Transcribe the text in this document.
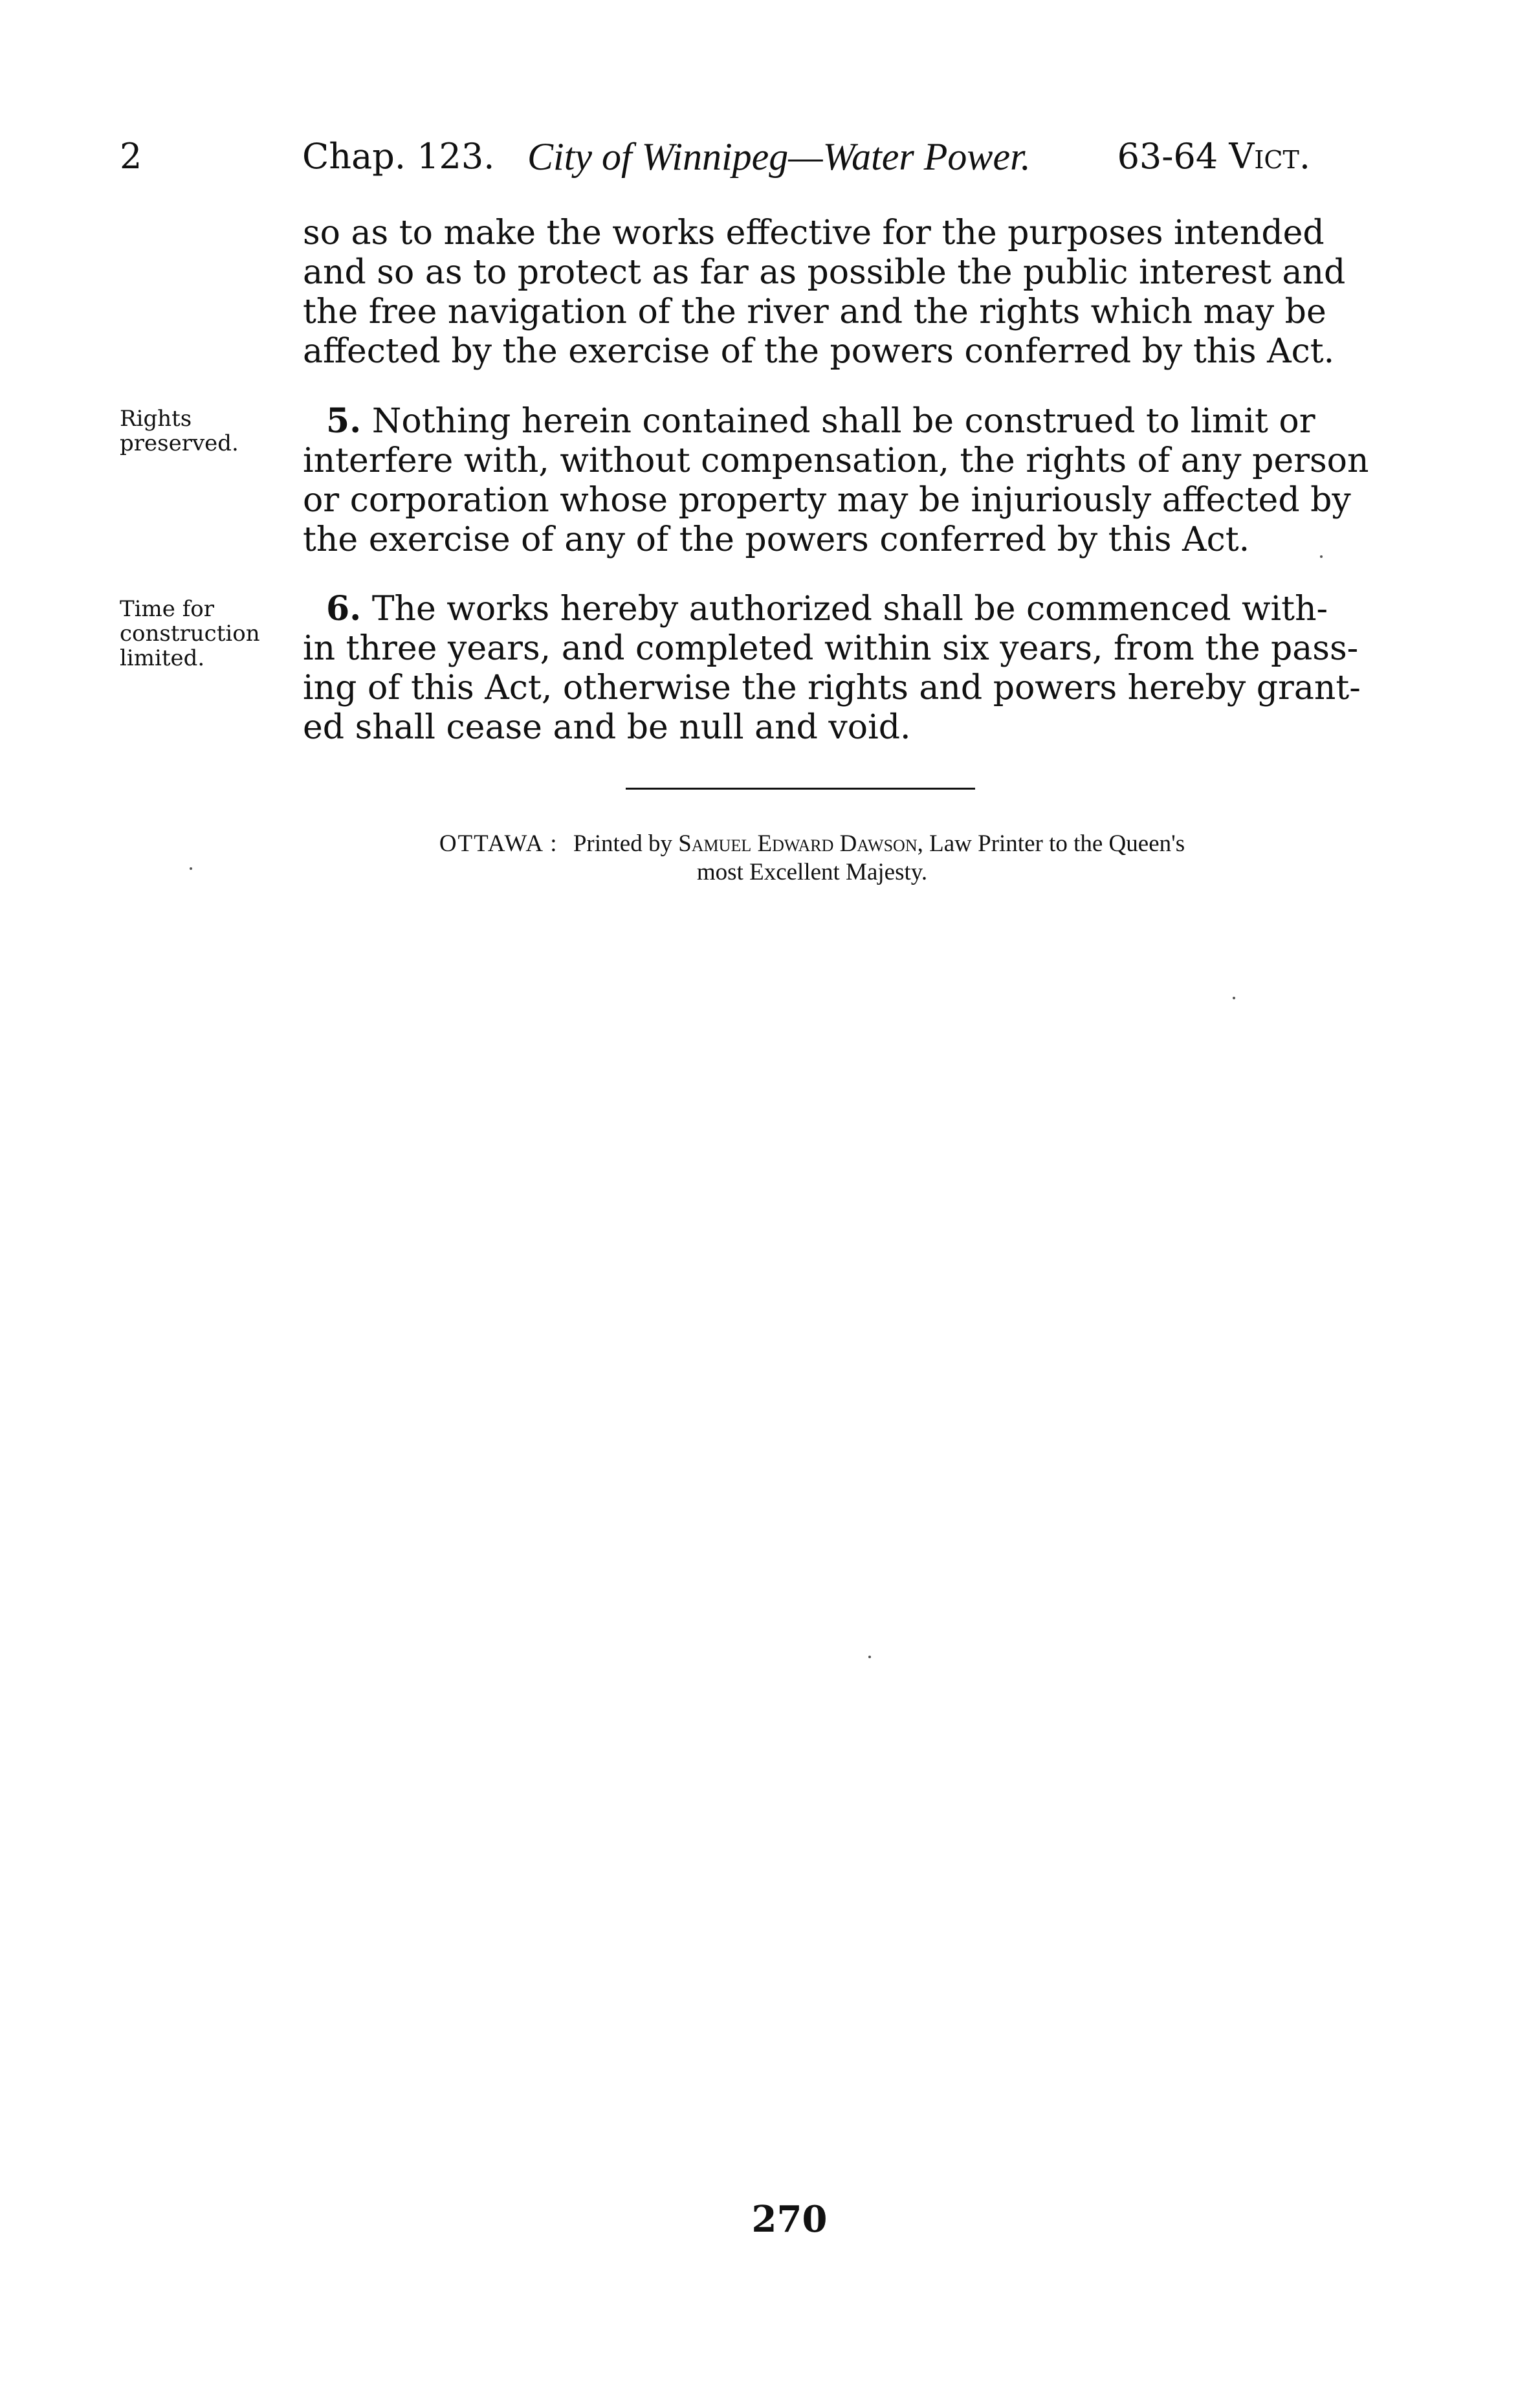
2	Chap. 123. City of Winnipeg—Water Power. 63-64 Vict.
so as to make the works effective for the purposes intended
and so as to protect as far as possible the public interest and
the free navigation of the river and the rights which may be
affected by the exercise of the powers conferred by this Act.
Rights
preserved.
5. Nothing herein contained shall be construed to limit or
interfere with, without compensation, the rights of any person
or corporation whose property may be injuriously affected by
the exercise of any of the powers conferred by this Act.
Time for
construction
limited.
6. The works hereby authorized shall be commenced with-
in three years, and completed within six years, from the pass-
ing of this Act, otherwise the rights and powers hereby grant-
ed shall cease and be null and void.
OTTAWA : Printed by Samuel Edward Dawson, Law Printer to the Queen's
most Excellent Majesty.
270
